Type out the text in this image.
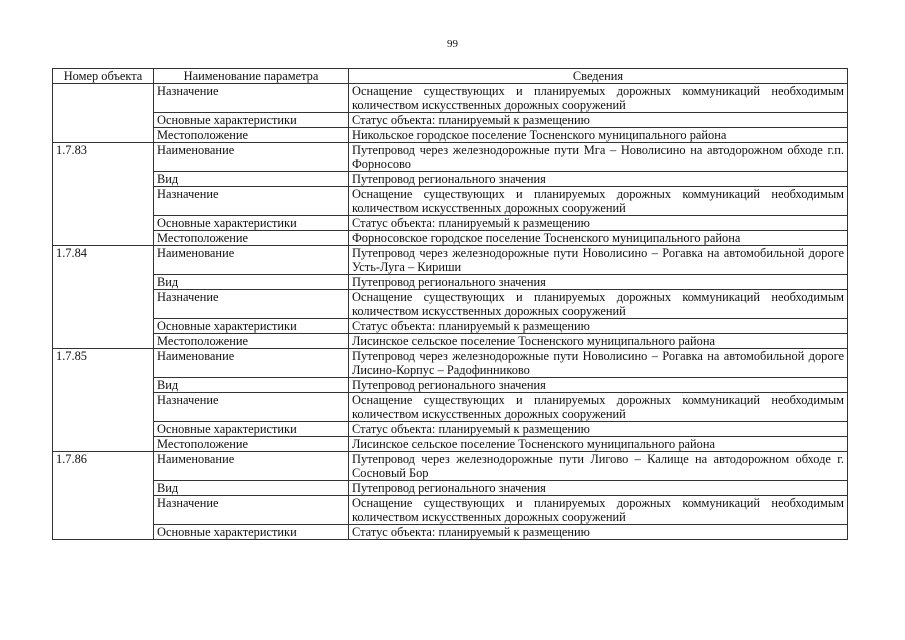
99
Номер объекта	Наименование параметра	Сведения
	Назначение	Оснащение существующих и планируемых дорожных коммуникаций необходимым количеством искусственных дорожных сооружений
	Основные характеристики	Статус объекта: планируемый к размещению
	Местоположение	Никольское городское поселение Тосненского муниципального района
1.7.83	Наименование	Путепровод через железнодорожные пути Мга – Новолисино на автодорожном обходе г.п. Форносово
	Вид	Путепровод регионального значения
	Назначение	Оснащение существующих и планируемых дорожных коммуникаций необходимым количеством искусственных дорожных сооружений
	Основные характеристики	Статус объекта: планируемый к размещению
	Местоположение	Форносовское городское поселение Тосненского муниципального района
1.7.84	Наименование	Путепровод через железнодорожные пути Новолисино – Рогавка на автомобильной дороге Усть-Луга – Кириши
	Вид	Путепровод регионального значения
	Назначение	Оснащение существующих и планируемых дорожных коммуникаций необходимым количеством искусственных дорожных сооружений
	Основные характеристики	Статус объекта: планируемый к размещению
	Местоположение	Лисинское сельское поселение Тосненского муниципального района
1.7.85	Наименование	Путепровод через железнодорожные пути Новолисино – Рогавка на автомобильной дороге Лисино-Корпус – Радофинниково
	Вид	Путепровод регионального значения
	Назначение	Оснащение существующих и планируемых дорожных коммуникаций необходимым количеством искусственных дорожных сооружений
	Основные характеристики	Статус объекта: планируемый к размещению
	Местоположение	Лисинское сельское поселение Тосненского муниципального района
1.7.86	Наименование	Путепровод через железнодорожные пути Лигово – Калище на автодорожном обходе г. Сосновый Бор
	Вид	Путепровод регионального значения
	Назначение	Оснащение существующих и планируемых дорожных коммуникаций необходимым количеством искусственных дорожных сооружений
	Основные характеристики	Статус объекта: планируемый к размещению
